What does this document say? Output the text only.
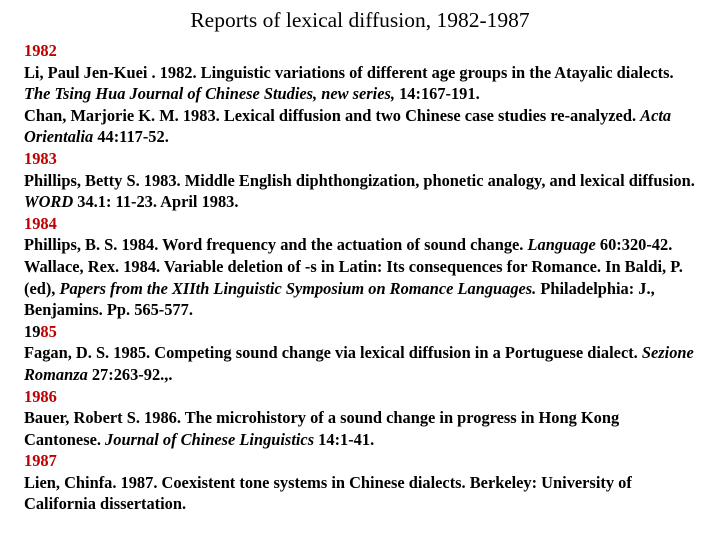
Reports of lexical diffusion, 1982-1987
1982
Li, Paul Jen-Kuei . 1982. Linguistic variations of different age groups in the Atayalic dialects. The Tsing Hua Journal of Chinese Studies, new series, 14:167-191.
Chan, Marjorie K. M. 1983. Lexical diffusion and two Chinese case studies re-analyzed. Acta Orientalia 44:117-52.
1983
Phillips, Betty S. 1983. Middle English diphthongization, phonetic analogy, and lexical diffusion. WORD 34.1: 11-23. April 1983.
1984
Phillips, B. S. 1984. Word frequency and the actuation of sound change. Language 60:320-42.
Wallace, Rex. 1984. Variable deletion of -s in Latin: Its consequences for Romance. In Baldi, P. (ed), Papers from the XIIth Linguistic Symposium on Romance Languages. Philadelphia: J., Benjamins. Pp. 565-577.
1985
Fagan, D. S. 1985. Competing sound change via lexical diffusion in a Portuguese dialect. Sezione Romanza 27:263-92.,.
1986
Bauer, Robert S. 1986. The microhistory of a sound change in progress in Hong Kong Cantonese. Journal of Chinese Linguistics 14:1-41.
1987
Lien, Chinfa. 1987. Coexistent tone systems in Chinese dialects. Berkeley: University of California dissertation.
